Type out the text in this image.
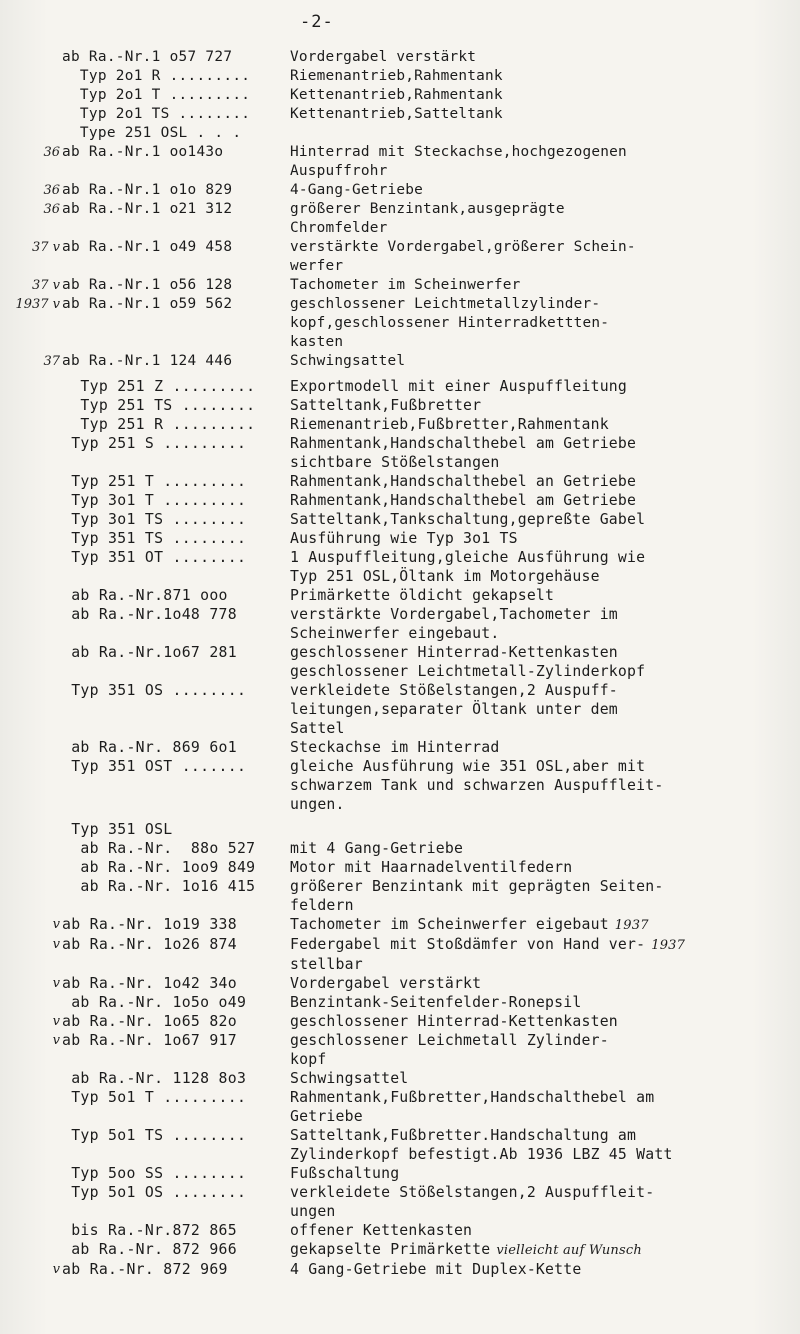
-2-
ab Ra.-Nr.1 o57 727	Vordergabel verstärkt
Typ 2o1 R .........	Riemenantrieb,Rahmentank
Typ 2o1 T .........	Kettenantrieb,Rahmentank
Typ 2o1 TS ........	Kettenantrieb,Satteltank
Type 251 OSL . . .
36 ab Ra.-Nr.1 oo143o	Hinterrad mit Steckachse,hochgezogenen
Auspuffrohr
36 ab Ra.-Nr.1 o1o 829	4-Gang-Getriebe
36 ab Ra.-Nr.1 o21 312	größerer Benzintank,ausgeprägte
Chromfelder
37 v ab Ra.-Nr.1 o49 458	verstärkte Vordergabel,größerer Schein-
werfer
37 v ab Ra.-Nr.1 o56 128	Tachometer im Scheinwerfer
1937 v ab Ra.-Nr.1 o59 562	geschlossener Leichtmetallzylinder-
kopf,geschlossener Hinterradkettten-
kasten
37 ab Ra.-Nr.1 124 446	Schwingsattel
Typ 251 Z .........	Exportmodell mit einer Auspuffleitung
Typ 251 TS ........	Satteltank,Fußbretter
Typ 251 R .........	Riemenantrieb,Fußbretter,Rahmentank
Typ 251 S .........	Rahmentank,Handschalthebel am Getriebe
sichtbare Stößelstangen
Typ 251 T .........	Rahmentank,Handschalthebel an Getriebe
Typ 3o1 T .........	Rahmentank,Handschalthebel am Getriebe
Typ 3o1 TS ........	Satteltank,Tankschaltung,gepreßte Gabel
Typ 351 TS ........	Ausführung wie Typ 3o1 TS
Typ 351 OT ........	1 Auspuffleitung,gleiche Ausführung wie
Typ 251 OSL,Öltank im Motorgehäuse
ab Ra.-Nr.871 ooo	Primärkette öldicht gekapselt
ab Ra.-Nr.1o48 778	verstärkte Vordergabel,Tachometer im
Scheinwerfer eingebaut.
ab Ra.-Nr.1o67 281	geschlossener Hinterrad-Kettenkasten
geschlossener Leichtmetall-Zylinderkopf
Typ 351 OS ........	verkleidete Stößelstangen,2 Auspuff-
leitungen,separater Öltank unter dem
Sattel
ab Ra.-Nr. 869 6o1	Steckachse im Hinterrad
Typ 351 OST .......	gleiche Ausführung wie 351 OSL,aber mit
schwarzem Tank und schwarzen Auspuffleit-
ungen.
Typ 351 OSL
ab Ra.-Nr.  88o 527	mit 4 Gang-Getriebe
ab Ra.-Nr. 1oo9 849	Motor mit Haarnadelventilfedern
ab Ra.-Nr. 1o16 415	größerer Benzintank mit geprägten Seiten-
feldern
v ab Ra.-Nr. 1o19 338	Tachometer im Scheinwerfer eigebaut 1937
v ab Ra.-Nr. 1o26 874	Federgabel mit Stoßdämfer von Hand ver- 1937
stellbar
v ab Ra.-Nr. 1o42 34o	Vordergabel verstärkt
ab Ra.-Nr. 1o5o o49	Benzintank-Seitenfelder-Ronepsil
v ab Ra.-Nr. 1o65 82o	geschlossener Hinterrad-Kettenkasten
v ab Ra.-Nr. 1o67 917	geschlossener Leichmetall Zylinder-
kopf
ab Ra.-Nr. 1128 8o3	Schwingsattel
Typ 5o1 T .........	Rahmentank,Fußbretter,Handschalthebel am
Getriebe
Typ 5o1 TS ........	Satteltank,Fußbretter.Handschaltung am
Zylinderkopf befestigt.Ab 1936 LBZ 45 Watt
Typ 5oo SS ........	Fußschaltung
Typ 5o1 OS ........	verkleidete Stößelstangen,2 Auspuffleit-
ungen
bis Ra.-Nr.872 865	offener Kettenkasten
ab Ra.-Nr. 872 966	gekapselte Primärkette vielleicht auf Wunsch
v ab Ra.-Nr. 872 969	4 Gang-Getriebe mit Duplex-Kette
